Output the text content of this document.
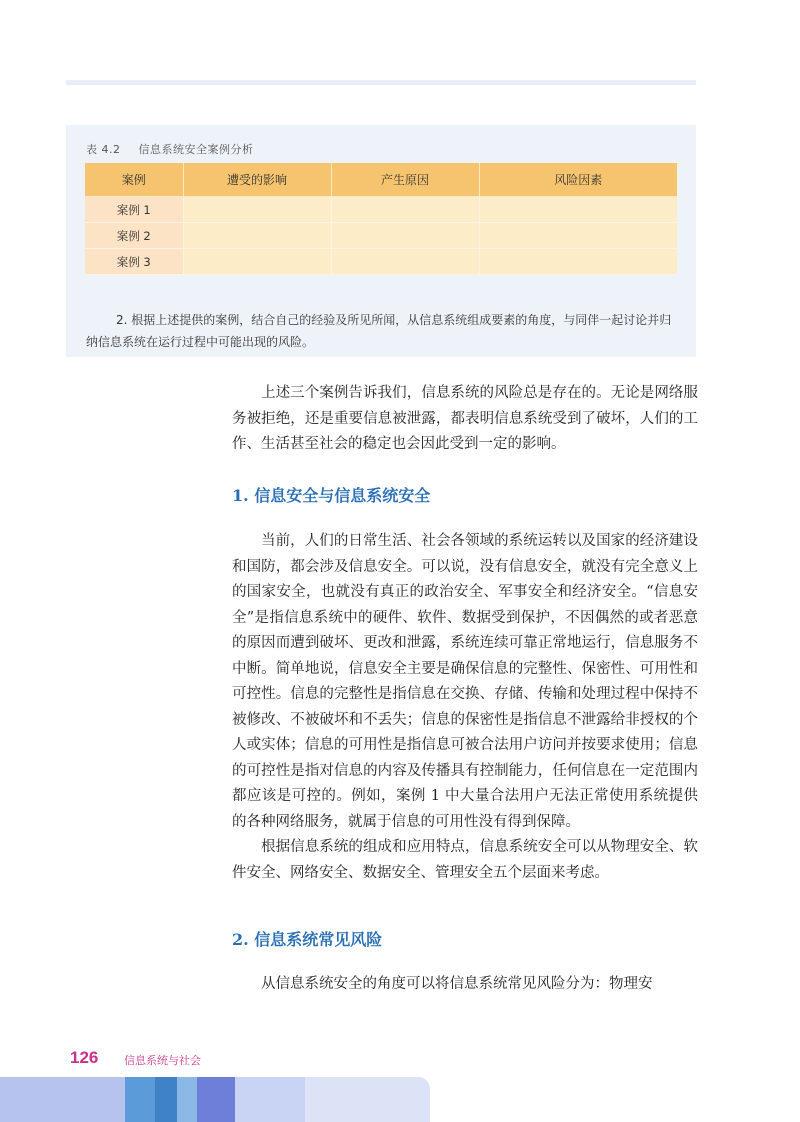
表 4.2 信息系统安全案例分析
案例	遭受的影响	产生原因	风险因素
案例 1			
案例 2			
案例 3			

2. 根据上述提供的案例，结合自己的经验及所见所闻，从信息系统组成要素的角度，与同伴一起讨论并归纳信息系统在运行过程中可能出现的风险。

上述三个案例告诉我们，信息系统的风险总是存在的。无论是网络服务被拒绝，还是重要信息被泄露，都表明信息系统受到了破坏，人们的工作、生活甚至社会的稳定也会因此受到一定的影响。

1. 信息安全与信息系统安全

当前，人们的日常生活、社会各领域的系统运转以及国家的经济建设和国防，都会涉及信息安全。可以说，没有信息安全，就没有完全意义上的国家安全，也就没有真正的政治安全、军事安全和经济安全。“信息安全”是指信息系统中的硬件、软件、数据受到保护，不因偶然的或者恶意的原因而遭到破坏、更改和泄露，系统连续可靠正常地运行，信息服务不中断。简单地说，信息安全主要是确保信息的完整性、保密性、可用性和可控性。信息的完整性是指信息在交换、存储、传输和处理过程中保持不被修改、不被破坏和不丢失；信息的保密性是指信息不泄露给非授权的个人或实体；信息的可用性是指信息可被合法用户访问并按要求使用；信息的可控性是指对信息的内容及传播具有控制能力，任何信息在一定范围内都应该是可控的。例如，案例 1 中大量合法用户无法正常使用系统提供的各种网络服务，就属于信息的可用性没有得到保障。

根据信息系统的组成和应用特点，信息系统安全可以从物理安全、软件安全、网络安全、数据安全、管理安全五个层面来考虑。

2. 信息系统常见风险

从信息系统安全的角度可以将信息系统常见风险分为：物理安

126 信息系统与社会
